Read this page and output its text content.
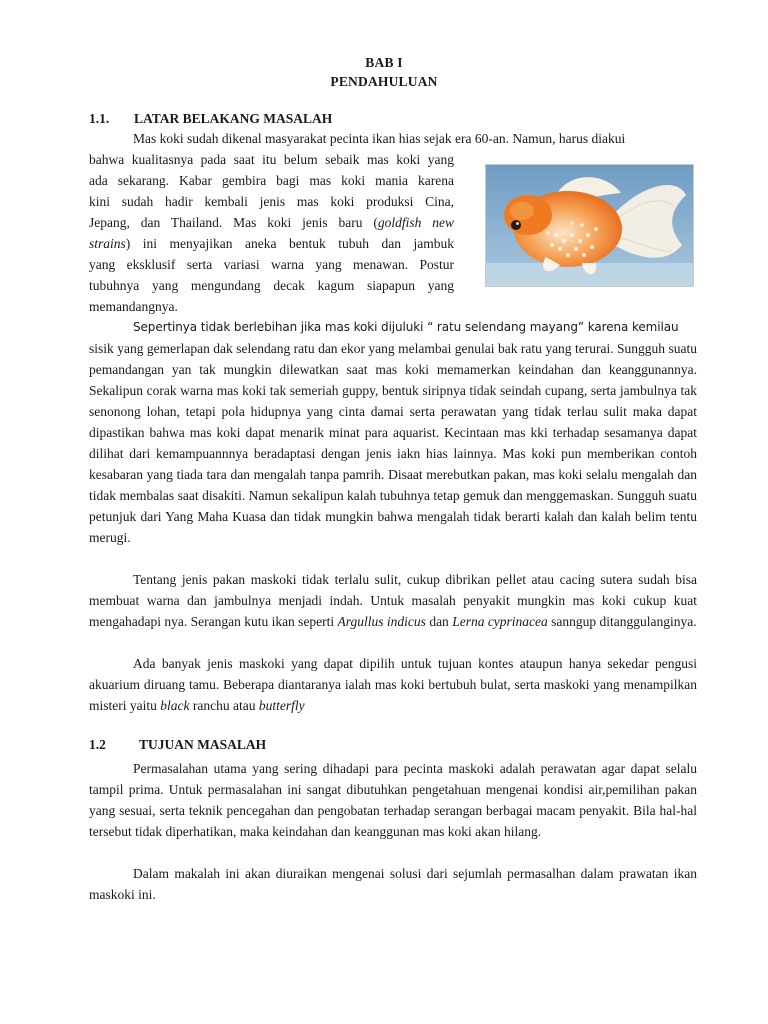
BAB I
PENDAHULUAN
1.1. LATAR BELAKANG MASALAH

Mas koki sudah dikenal masyarakat pecinta ikan hias sejak era 60-an. Namun, harus diakui

bahwa kualitasnya pada saat itu belum sebaik mas koki yang

ada sekarang. Kabar gembira bagi mas koki mania karena

kini sudah hadir kembali jenis mas koki produksi Cina,

Jepang, dan Thailand. Mas koki jenis baru (goldfish new

strains) ini menyajikan aneka bentuk tubuh dan jambuk

yang eksklusif serta variasi warna yang menawan. Postur

tubuhnya yang mengundang decak kagum siapapun yang

memandangnya.

Sepertinya tidak berlebihan jika mas koki dijuluki “ ratu selendang mayang” karena kemilau

sisik yang gemerlapan dak selendang ratu dan ekor yang melambai genulai bak ratu yang terurai. Sungguh suatu pemandangan yan tak mungkin dilewatkan saat mas koki memamerkan keindahan dan keanggunannya. Sekalipun corak warna mas koki tak semeriah guppy, bentuk siripnya tidak seindah cupang, serta jambulnya tak senonong lohan, tetapi pola hidupnya yang cinta damai serta perawatan yang tidak terlau sulit maka dapat dipastikan bahwa mas koki dapat menarik minat para aquarist. Kecintaan mas kki terhadap sesamanya dapat dilihat dari kemampuannnya beradaptasi dengan jenis iakn hias lainnya. Mas koki pun memberikan contoh kesabaran yang tiada tara dan mengalah tanpa pamrih. Disaat merebutkan pakan, mas koki selalu mengalah dan tidak membalas saat disakiti. Namun sekalipun kalah tubuhnya tetap gemuk dan menggemaskan. Sungguh suatu petunjuk dari Yang Maha Kuasa dan tidak mungkin bahwa mengalah tidak berarti kalah dan kalah belim tentu merugi.

Tentang jenis pakan maskoki tidak terlalu sulit, cukup dibrikan pellet atau cacing sutera sudah bisa membuat warna dan jambulnya menjadi indah. Untuk masalah penyakit mungkin mas koki cukup kuat mengahadapi nya. Serangan kutu ikan seperti Argullus indicus dan Lerna cyprinacea sanngup ditanggulanginya.

Ada banyak jenis maskoki yang dapat dipilih untuk tujuan kontes ataupun hanya sekedar pengusi akuarium diruang tamu. Beberapa diantaranya ialah mas koki bertubuh bulat, serta maskoki yang menampilkan misteri yaitu black ranchu atau butterfly

1.2 TUJUAN MASALAH

Permasalahan utama yang sering dihadapi para pecinta maskoki adalah perawatan agar dapat selalu tampil prima. Untuk permasalahan ini sangat dibutuhkan pengetahuan mengenai kondisi air,pemilihan pakan yang sesuai, serta teknik pencegahan dan pengobatan terhadap serangan berbagai macam penyakit. Bila hal-hal tersebut tidak diperhatikan, maka keindahan dan keanggunan mas koki akan hilang.

Dalam makalah ini akan diuraikan mengenai solusi dari sejumlah permasalhan dalam prawatan ikan maskoki ini.
